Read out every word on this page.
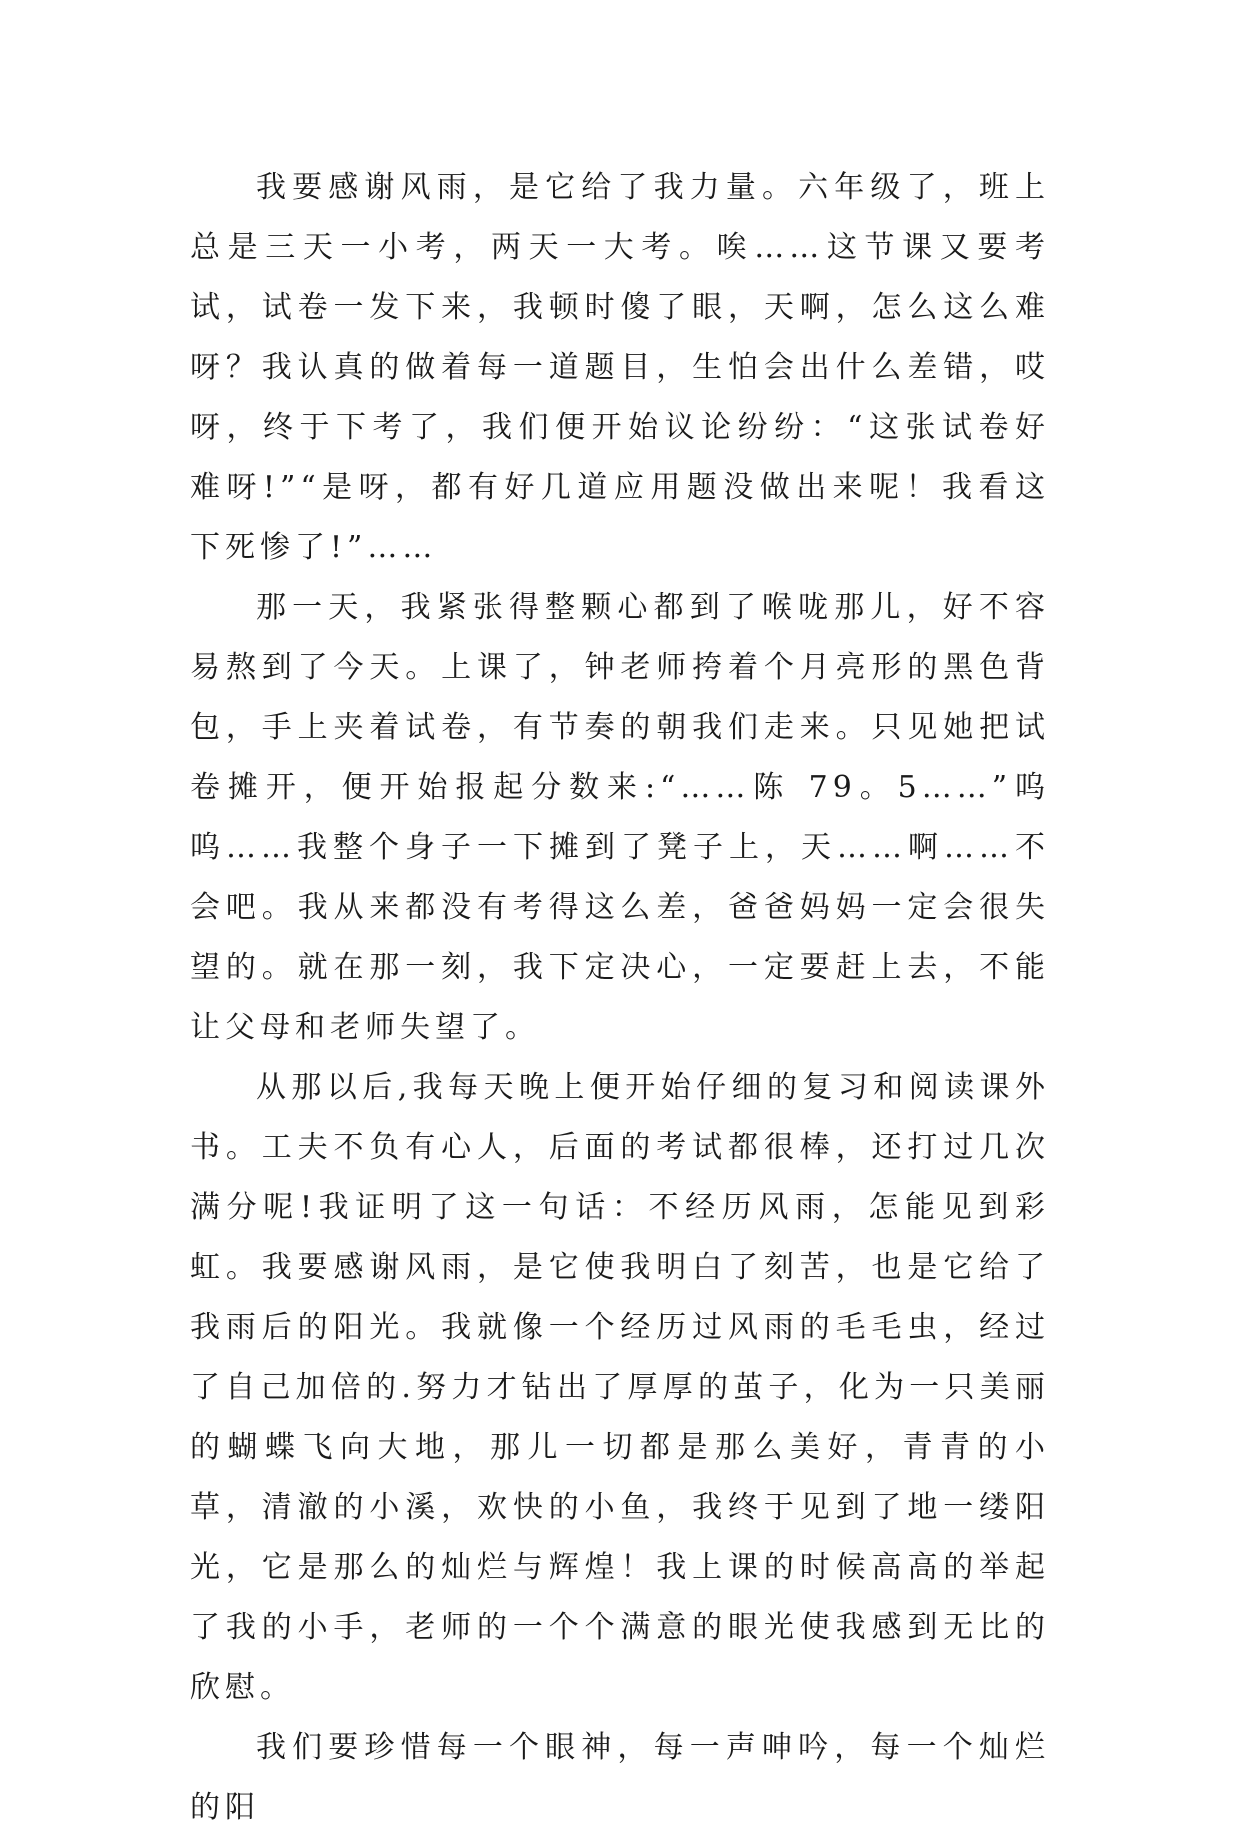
我要感谢风雨，是它给了我力量。六年级了，班上总是三天一小考，两天一大考。唉……这节课又要考试，试卷一发下来，我顿时傻了眼，天啊，怎么这么难呀？我认真的做着每一道题目，生怕会出什么差错，哎呀，终于下考了，我们便开始议论纷纷：“这张试卷好难呀!”“是呀，都有好几道应用题没做出来呢！我看这下死惨了!”……

那一天，我紧张得整颗心都到了喉咙那儿，好不容易熬到了今天。上课了，钟老师挎着个月亮形的黑色背包，手上夹着试卷，有节奏的朝我们走来。只见她把试卷摊开，便开始报起分数来:“……陈 79。5……”呜呜……我整个身子一下摊到了凳子上，天……啊……不会吧。我从来都没有考得这么差，爸爸妈妈一定会很失望的。就在那一刻，我下定决心，一定要赶上去，不能让父母和老师失望了。

从那以后,我每天晚上便开始仔细的复习和阅读课外书。工夫不负有心人，后面的考试都很棒，还打过几次满分呢!我证明了这一句话：不经历风雨，怎能见到彩虹。我要感谢风雨，是它使我明白了刻苦，也是它给了我雨后的阳光。我就像一个经历过风雨的毛毛虫，经过了自己加倍的.努力才钻出了厚厚的茧子，化为一只美丽的蝴蝶飞向大地，那儿一切都是那么美好，青青的小草，清澈的小溪，欢快的小鱼，我终于见到了地一缕阳光，它是那么的灿烂与辉煌！我上课的时候高高的举起了我的小手，老师的一个个满意的眼光使我感到无比的欣慰。

我们要珍惜每一个眼神，每一声呻吟，每一个灿烂的阳
